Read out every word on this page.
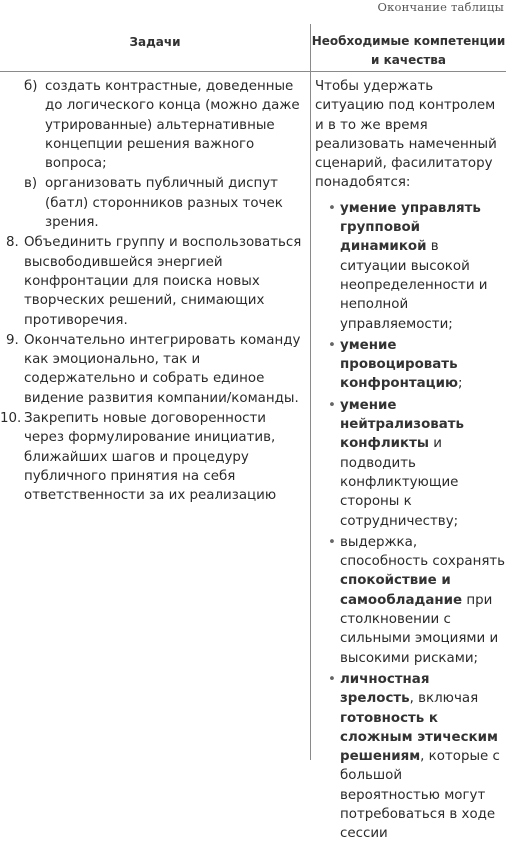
Окончание таблицы
Задачи	Необходимые компетенции
и качества
б) создать контрастные, доведенные до логического конца (можно даже утрированные) альтернативные концепции решения важного вопроса;
в) организовать публичный диспут (батл) сторонников разных точек зрения.
8. Объединить группу и воспользоваться высвободившейся энергией конфронтации для поиска новых творческих решений, снимающих противоречия.
9. Окончательно интегрировать команду как эмоционально, так и содержательно и собрать единое видение развития компании/команды.
10. Закрепить новые договоренности через формулирование инициатив, ближайших шагов и процедуру публичного принятия на себя ответственности за их реализацию
Чтобы удержать ситуацию под контролем и в то же время реализовать намеченный сценарий, фасилитатору понадобятся:
• умение управлять групповой динамикой в ситуации высокой неопределенности и неполной управляемости;
• умение провоцировать конфронтацию;
• умение нейтрализовать конфликты и подводить конфликтующие стороны к сотрудничеству;
• выдержка, способность сохранять спокойствие и самообладание при столкновении с сильными эмоциями и высокими рисками;
• личностная зрелость, включая готовность к сложным этическим решениям, которые с большой вероятностью могут потребоваться в ходе сессии
